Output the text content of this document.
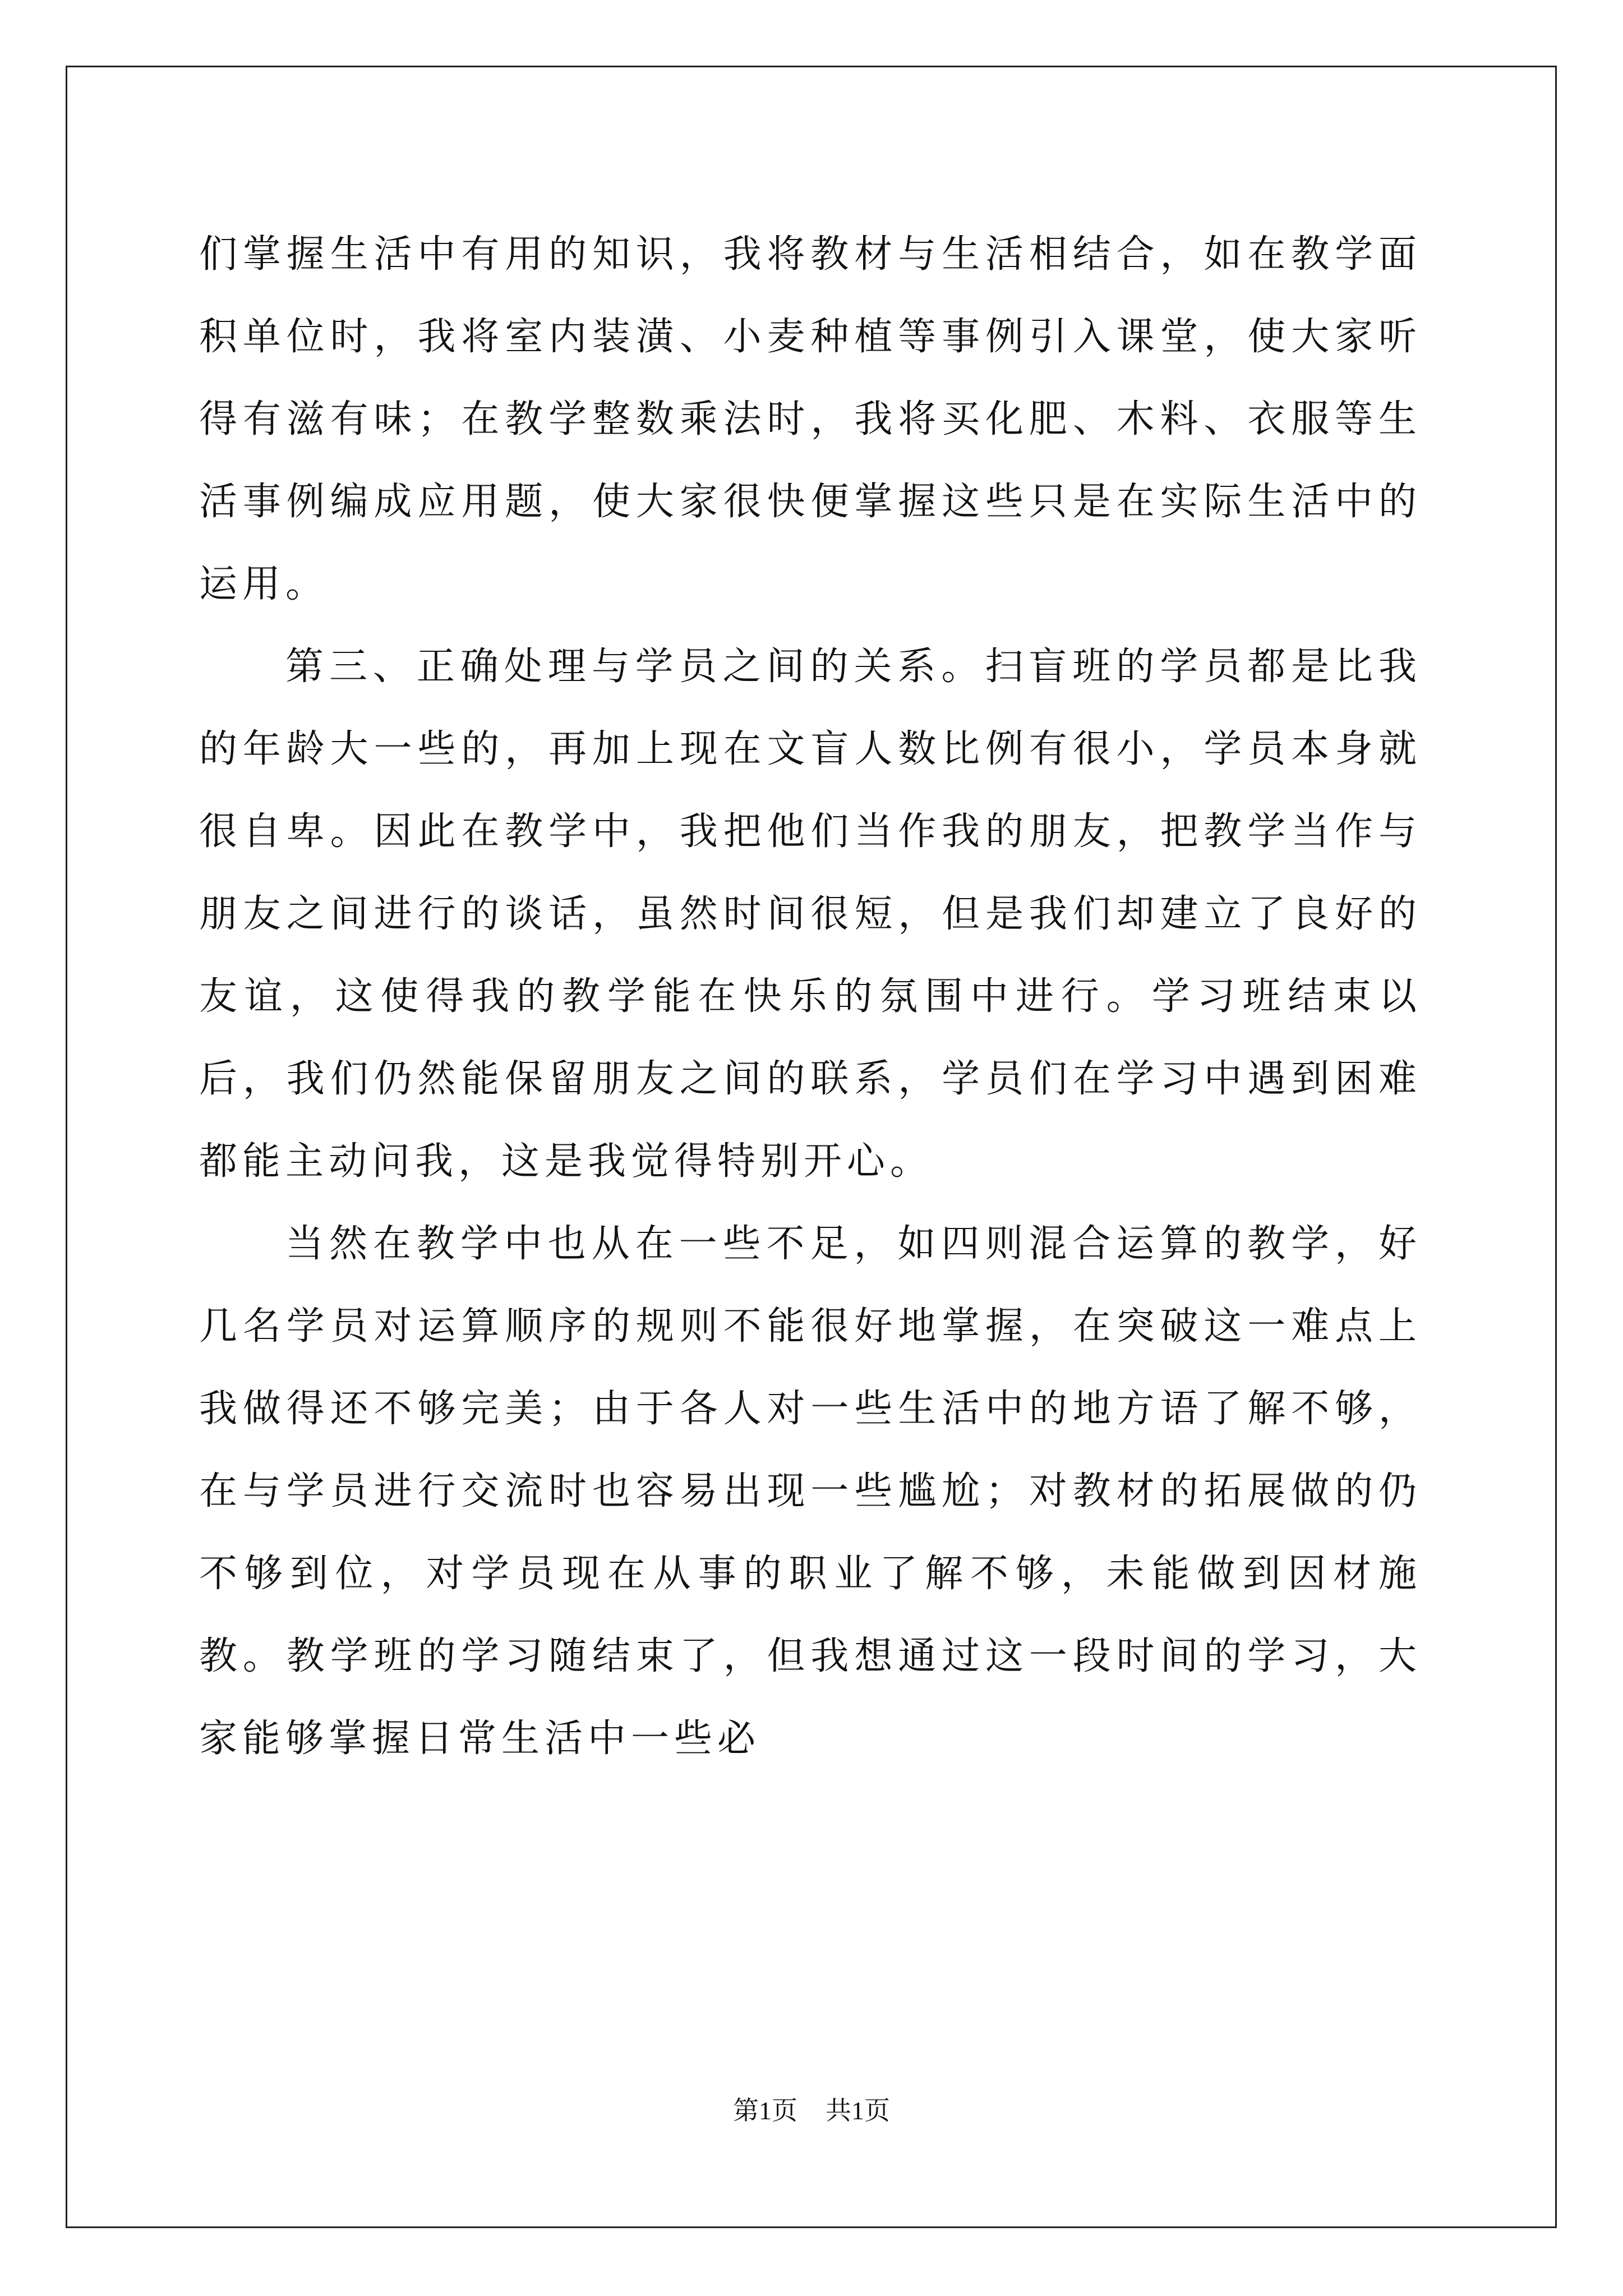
们掌握生活中有用的知识，我将教材与生活相结合，如在教学面积单位时，我将室内装潢、小麦种植等事例引入课堂，使大家听得有滋有味；在教学整数乘法时，我将买化肥、木料、衣服等生活事例编成应用题，使大家很快便掌握这些只是在实际生活中的运用。

第三、正确处理与学员之间的关系。扫盲班的学员都是比我的年龄大一些的，再加上现在文盲人数比例有很小，学员本身就很自卑。因此在教学中，我把他们当作我的朋友，把教学当作与朋友之间进行的谈话，虽然时间很短，但是我们却建立了良好的友谊，这使得我的教学能在快乐的氛围中进行。学习班结束以后，我们仍然能保留朋友之间的联系，学员们在学习中遇到困难都能主动问我，这是我觉得特别开心。

当然在教学中也从在一些不足，如四则混合运算的教学，好几名学员对运算顺序的规则不能很好地掌握，在突破这一难点上我做得还不够完美；由于各人对一些生活中的地方语了解不够，在与学员进行交流时也容易出现一些尴尬；对教材的拓展做的仍不够到位，对学员现在从事的职业了解不够，未能做到因材施教。教学班的学习随结束了，但我想通过这一段时间的学习，大家能够掌握日常生活中一些必

第1页 共1页
